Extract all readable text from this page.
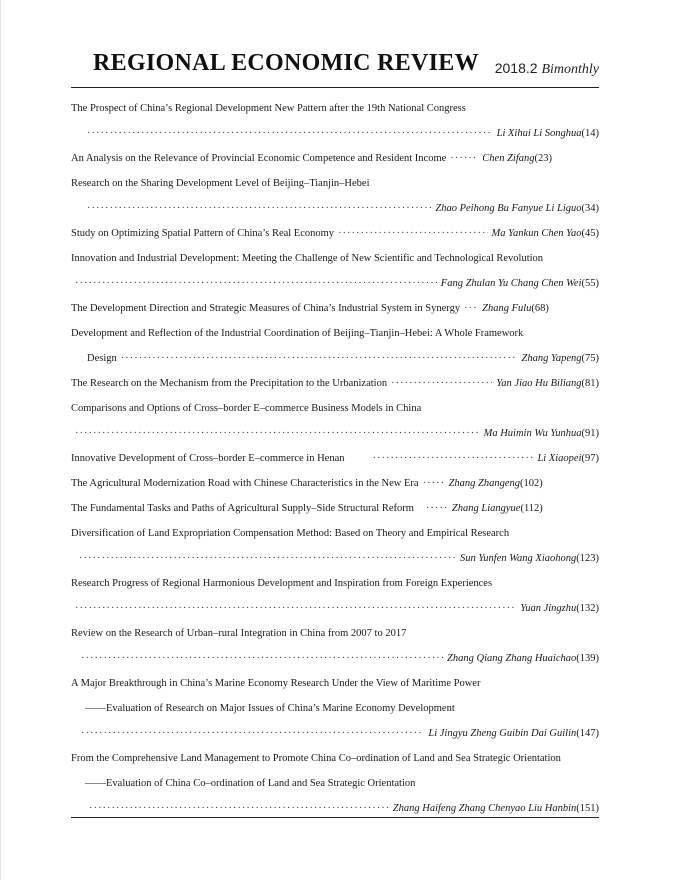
REGIONAL ECONOMIC REVIEW 2018.2 Bimonthly
The Prospect of China’s Regional Development New Pattern after the 19th National Congress
·····
Li Xihui Li Songhua (14)
An Analysis on the Relevance of Provincial Economic Competence and Resident Income ·····	Chen Zifang (23)
Research on the Sharing Development Level of Beijing–Tianjin–Hebei
·····
Zhao Peihong Bu Fanyue Li Liguo (34)
Study on Optimizing Spatial Pattern of China’s Real Economy ·····	Ma Yankun Chen Yao (45)
Innovation and Industrial Development: Meeting the Challenge of New Scientific and Technological Revolution
·····
Fang Zhulan Yu Chang Chen Wei (55)
The Development Direction and Strategic Measures of China’s Industrial System in Synergy ····· Zhang Fulu (68)
Development and Reflection of the Industrial Coordination of Beijing–Tianjin–Hebei: A Whole Framework
Design ·····	Zhang Yapeng (75)
The Research on the Mechanism from the Precipitation to the Urbanization ·····	Yan Jiao Hu Biliang (81)
Comparisons and Options of Cross–border E–commerce Business Models in China
·····
Ma Huimin Wu Yunhua (91)
Innovative Development of Cross–border E–commerce in Henan ·····	Li Xiaopei (97)
The Agricultural Modernization Road with Chinese Characteristics in the New Era ·····	Zhang Zhangeng (102)
The Fundamental Tasks and Paths of Agricultural Supply–Side Structural Reform ·····	Zhang Liangyue (112)
Diversification of Land Expropriation Compensation Method: Based on Theory and Empirical Research
·····
Sun Yunfen Wang Xiaohong (123)
Research Progress of Regional Harmonious Development and Inspiration from Foreign Experiences
·····
Yuan Jingzhu (132)
Review on the Research of Urban–rural Integration in China from 2007 to 2017
·····
Zhang Qiang Zhang Huaichao (139)
A Major Breakthrough in China’s Marine Economy Research Under the View of Maritime Power
——Evaluation of Research on Major Issues of China’s Marine Economy Development
·····
Li Jingyu Zheng Guibin Dai Guilin (147)
From the Comprehensive Land Management to Promote China Co–ordination of Land and Sea Strategic Orientation
——Evaluation of China Co–ordination of Land and Sea Strategic Orientation
·····
Zhang Haifeng Zhang Chenyao Liu Hanbin (151)
